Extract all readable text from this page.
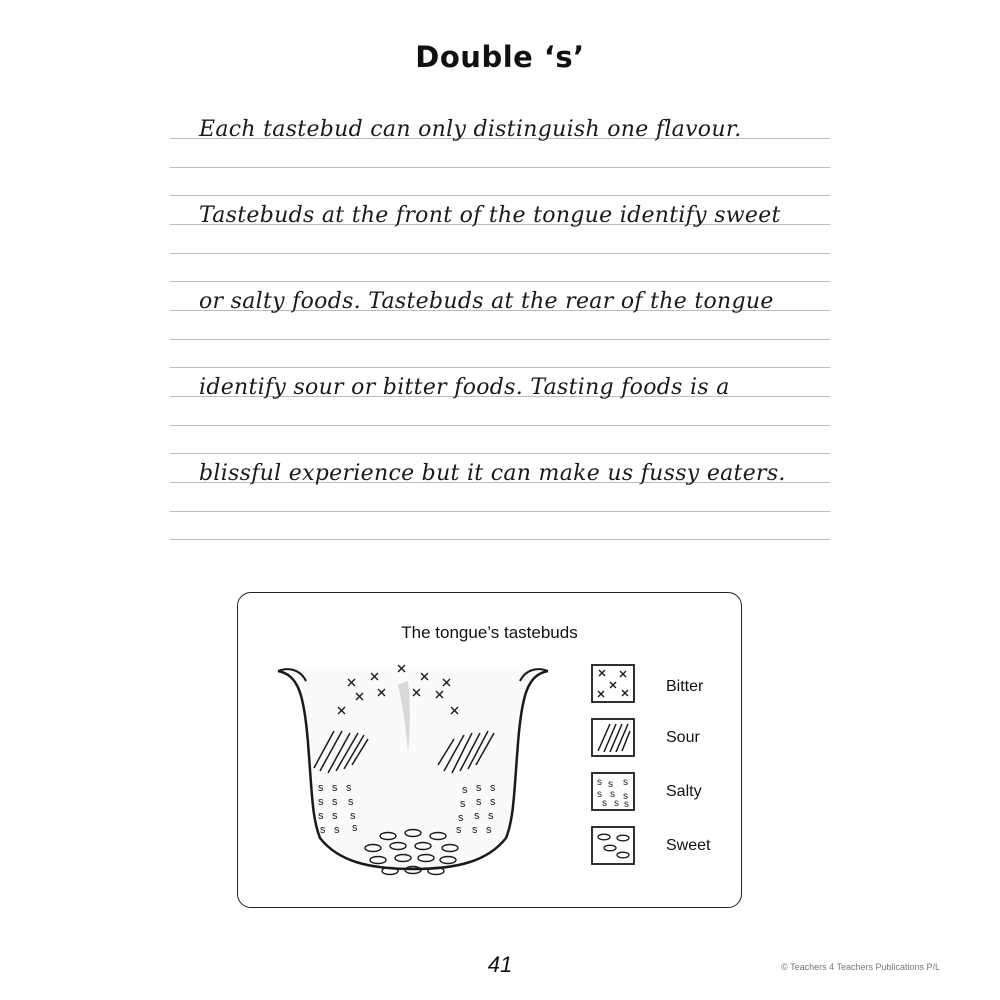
Double ‘s’
Each tastebud can only distinguish one flavour.
Tastebuds at the front of the tongue identify sweet
or salty foods. Tastebuds at the rear of the tongue
identify sour or bitter foods. Tasting foods is a
blissful experience but it can make us fussy eaters.
The tongue’s tastebuds
s s s
s s s
s s s
s s s
s
s
s
s
s
s
s
s
s
s
s
s
s s s
s s s
s s s
Bitter
Sour
Salty
Sweet
41	© Teachers 4 Teachers Publications P/L
